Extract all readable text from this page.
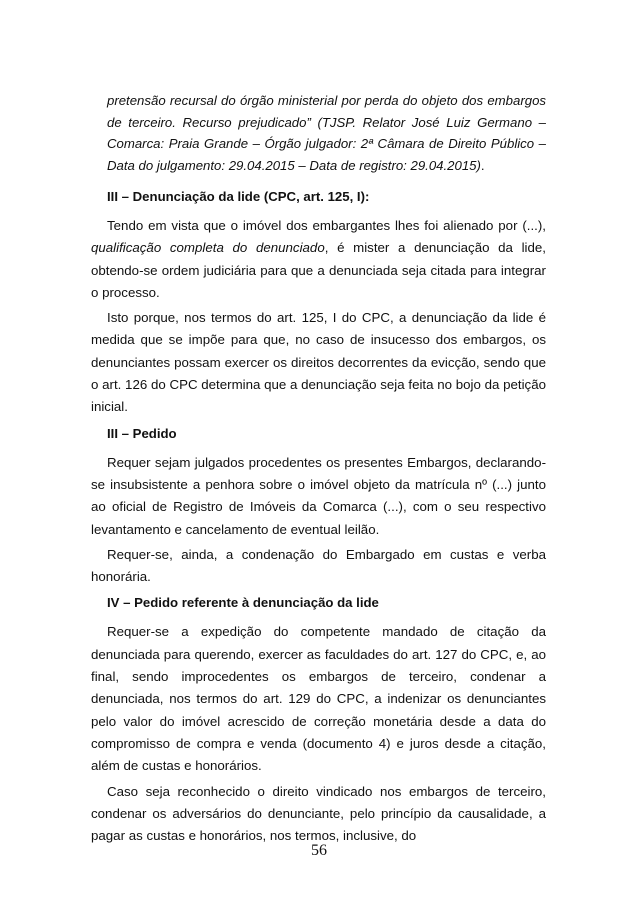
pretensão recursal do órgão ministerial por perda do objeto dos embargos de terceiro. Recurso prejudicado” (TJSP. Relator José Luiz Germano – Comarca: Praia Grande – Órgão julgador: 2ª Câmara de Direito Público – Data do julgamento: 29.04.2015 – Data de registro: 29.04.2015).

III – Denunciação da lide (CPC, art. 125, I):

Tendo em vista que o imóvel dos embargantes lhes foi alienado por (...), qualificação completa do denunciado, é mister a denunciação da lide, obtendo-se ordem judiciária para que a denunciada seja citada para integrar o processo.

Isto porque, nos termos do art. 125, I do CPC, a denunciação da lide é medida que se impõe para que, no caso de insucesso dos embargos, os denunciantes possam exercer os direitos decorrentes da evicção, sendo que o art. 126 do CPC determina que a denunciação seja feita no bojo da petição inicial.

III – Pedido

Requer sejam julgados procedentes os presentes Embargos, declarando-se insubsistente a penhora sobre o imóvel objeto da matrícula nº (...) junto ao oficial de Registro de Imóveis da Comarca (...), com o seu respectivo levantamento e cancelamento de eventual leilão.

Requer-se, ainda, a condenação do Embargado em custas e verba honorária.

IV – Pedido referente à denunciação da lide

Requer-se a expedição do competente mandado de citação da denunciada para querendo, exercer as faculdades do art. 127 do CPC, e, ao final, sendo improcedentes os embargos de terceiro, condenar a denunciada, nos termos do art. 129 do CPC, a indenizar os denunciantes pelo valor do imóvel acrescido de correção monetária desde a data do compromisso de compra e venda (documento 4) e juros desde a citação, além de custas e honorários.

Caso seja reconhecido o direito vindicado nos embargos de terceiro, condenar os adversários do denunciante, pelo princípio da causalidade, a pagar as custas e honorários, nos termos, inclusive, do

56
